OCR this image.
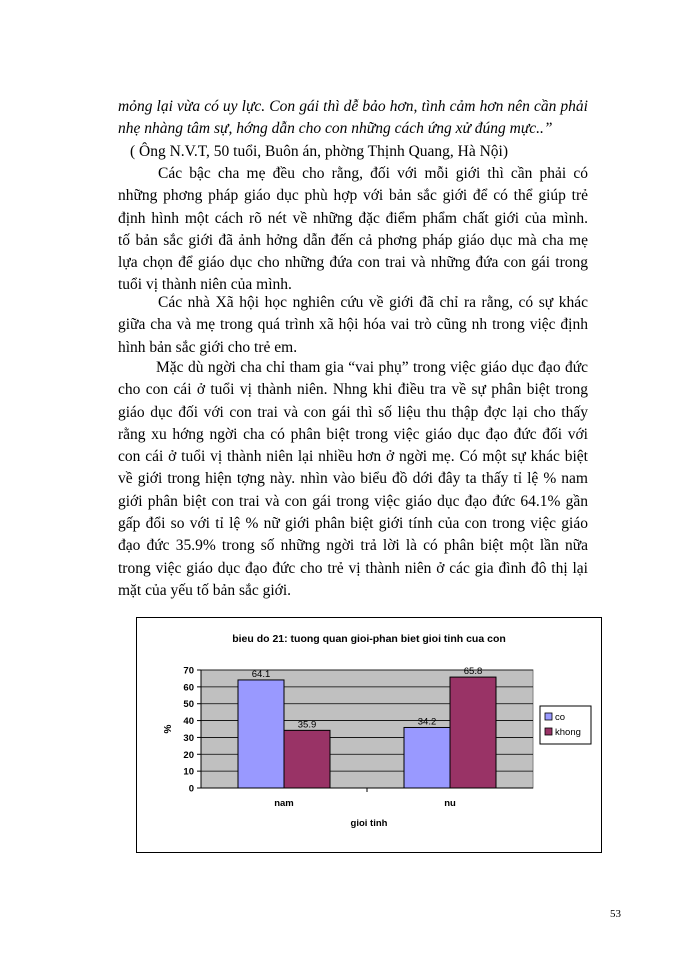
mỏng lại vừa có uy lực. Con gái thì dễ bảo hơn, tình cảm hơn nên cần phải
nhẹ nhàng tâm sự, hớng dẫn cho con những cách ứng xử đúng mực..”
( Ông N.V.T, 50 tuổi, Buôn án, phờng Thịnh Quang, Hà Nội)
Các bậc cha mẹ đều cho rằng, đối với mỗi giới thì cần phải có
những phơng pháp giáo dục phù hợp với bản sắc giới để có thể giúp trẻ
định hình một cách rõ nét về những đặc điểm phẩm chất giới của mình.
tố bản sắc giới đã ảnh hởng dẫn đến cả phơng pháp giáo dục mà cha mẹ
lựa chọn để giáo dục cho những đứa con trai và những đứa con gái trong
tuổi vị thành niên của mình.
Các nhà Xã hội học nghiên cứu về giới đã chỉ ra rằng, có sự khác
giữa cha và mẹ trong quá trình xã hội hóa vai trò cũng nh trong việc định
hình bản sắc giới cho trẻ em.
Mặc dù ngời cha chỉ tham gia “vai phụ” trong việc giáo dục đạo đức
cho con cái ở tuổi vị thành niên. Nhng khi điều tra về sự phân biệt trong
giáo dục đối với con trai và con gái thì số liệu thu thập đợc lại cho thấy
rằng xu hớng ngời cha có phân biệt trong việc giáo dục đạo đức đối với
con cái ở tuổi vị thành niên lại nhiều hơn ở ngời mẹ. Có một sự khác biệt
về giới trong hiện tợng này. nhìn vào biểu đồ dới đây ta thấy tỉ lệ % nam
giới phân biệt con trai và con gái trong việc giáo dục đạo đức 64.1% gần
gấp đổi so với tỉ lệ % nữ giới phân biệt giới tính của con trong việc giáo
đạo đức 35.9% trong số những ngời trả lời là có phân biệt một lần nữa
trong việc giáo dục đạo đức cho trẻ vị thành niên ở các gia đình đô thị lại
mặt của yếu tố bản sắc giới.
bieu do 21: tuong quan gioi-phan biet gioi tinh cua con
0
10
20
30
40
50
60
70	64.1
35.9
nam
34.2
65.8
nu
gioi tinh
%
co
khong
53
